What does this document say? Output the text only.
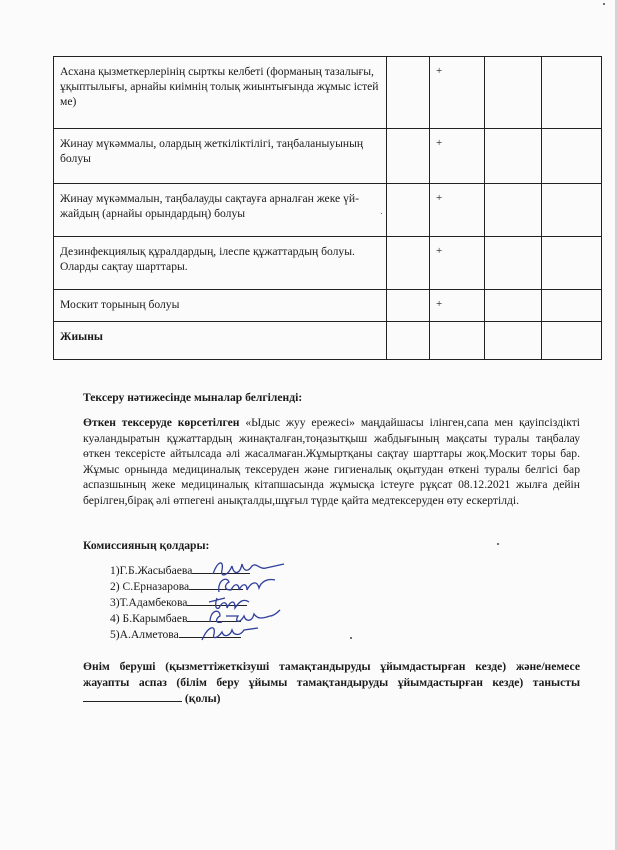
Асхана қызметкерлерінің сырткы келбеті (форманың тазалығы, ұқыптылығы, арнайы киімнің толық жиынтығында жұмыс істей ме)		+		
Жинау мүкәммалы, олардың жеткіліктілігі, таңбаланыуының болуы		+		
Жинау мүкәммалын, таңбалауды сақтауға арналған жеке үй-жайдың (арнайы орындардың) болуы		+		
Дезинфекциялық құралдардың, ілеспе құжаттардың болуы. Оларды сақтау шарттары.		+		
Москит торының болуы		+		
Жиыны				
Тексеру нәтижесінде мыналар белгіленді:
Өткен тексеруде көрсетілген «Ыдыс жуу ережесі» маңдайшасы ілінген,сапа мен қауіпсіздікті куәландыратын құжаттардың жинақталған,тоңазытқыш жабдығының мақсаты туралы таңбалау өткен тексерісте айтылсада әлі жасалмаған.Жұмыртқаны сақтау шарттары жоқ.Москит торы бар. Жұмыс орнында медициналық тексеруден және гигиеналық оқытудан өткені туралы белгісі бар аспазшының жеке медициналық кітапшасында жұмысқа істеуге рұқсат 08.12.2021 жылға дейін берілген,бірақ әлі өтпегені анықталды,шұғыл түрде қайта медтексеруден өту ескертілді.
Комиссияның қолдары:
1)Г.Б.Жасыбаева
2) С.Ерназарова
3)Т.Адамбекова
4) Б.Карымбаев
5)А.Алметова
Өнім беруші (қызметтіжеткізуші тамақтандыруды ұйымдастырған кезде) және/немесе жауапты аспаз (білім беру ұйымы тамақтандыруды ұйымдастырған кезде) танысты  (қолы)
